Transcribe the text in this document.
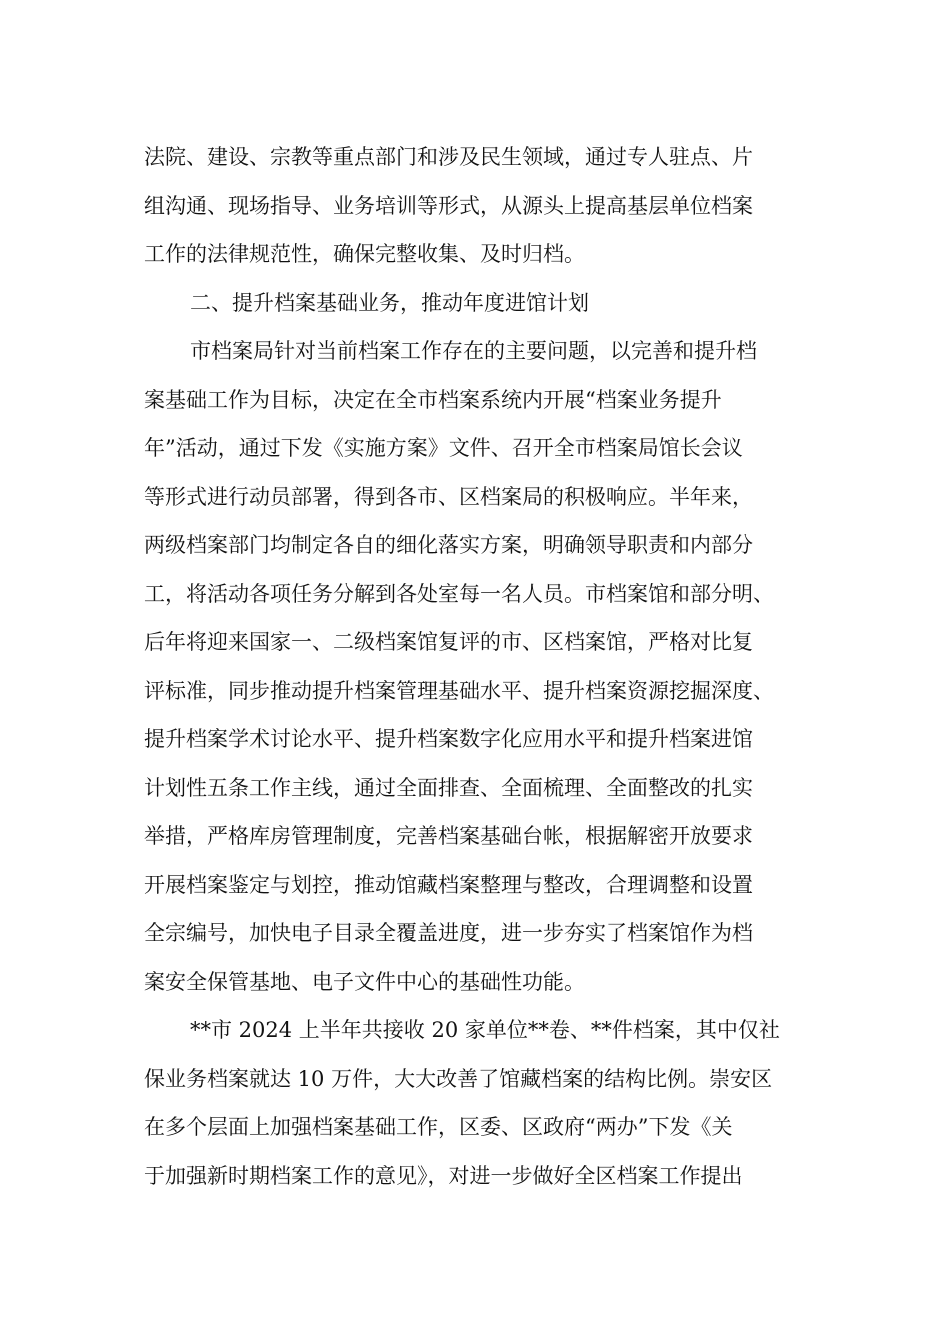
法院、建设、宗教等重点部门和涉及民生领域，通过专人驻点、片
组沟通、现场指导、业务培训等形式，从源头上提高基层单位档案
工作的法律规范性，确保完整收集、及时归档。
二、提升档案基础业务，推动年度进馆计划
市档案局针对当前档案工作存在的主要问题，以完善和提升档
案基础工作为目标，决定在全市档案系统内开展“档案业务提升
年”活动，通过下发《实施方案》文件、召开全市档案局馆长会议
等形式进行动员部署，得到各市、区档案局的积极响应。半年来，
两级档案部门均制定各自的细化落实方案，明确领导职责和内部分
工，将活动各项任务分解到各处室每一名人员。市档案馆和部分明、
后年将迎来国家一、二级档案馆复评的市、区档案馆，严格对比复
评标准，同步推动提升档案管理基础水平、提升档案资源挖掘深度、
提升档案学术讨论水平、提升档案数字化应用水平和提升档案进馆
计划性五条工作主线，通过全面排查、全面梳理、全面整改的扎实
举措，严格库房管理制度，完善档案基础台帐，根据解密开放要求
开展档案鉴定与划控，推动馆藏档案整理与整改，合理调整和设置
全宗编号，加快电子目录全覆盖进度，进一步夯实了档案馆作为档
案安全保管基地、电子文件中心的基础性功能。
**市 2024 上半年共接收 20 家单位**卷、**件档案，其中仅社
保业务档案就达 10 万件，大大改善了馆藏档案的结构比例。崇安区
在多个层面上加强档案基础工作，区委、区政府“两办”下发《关
于加强新时期档案工作的意见》，对进一步做好全区档案工作提出
